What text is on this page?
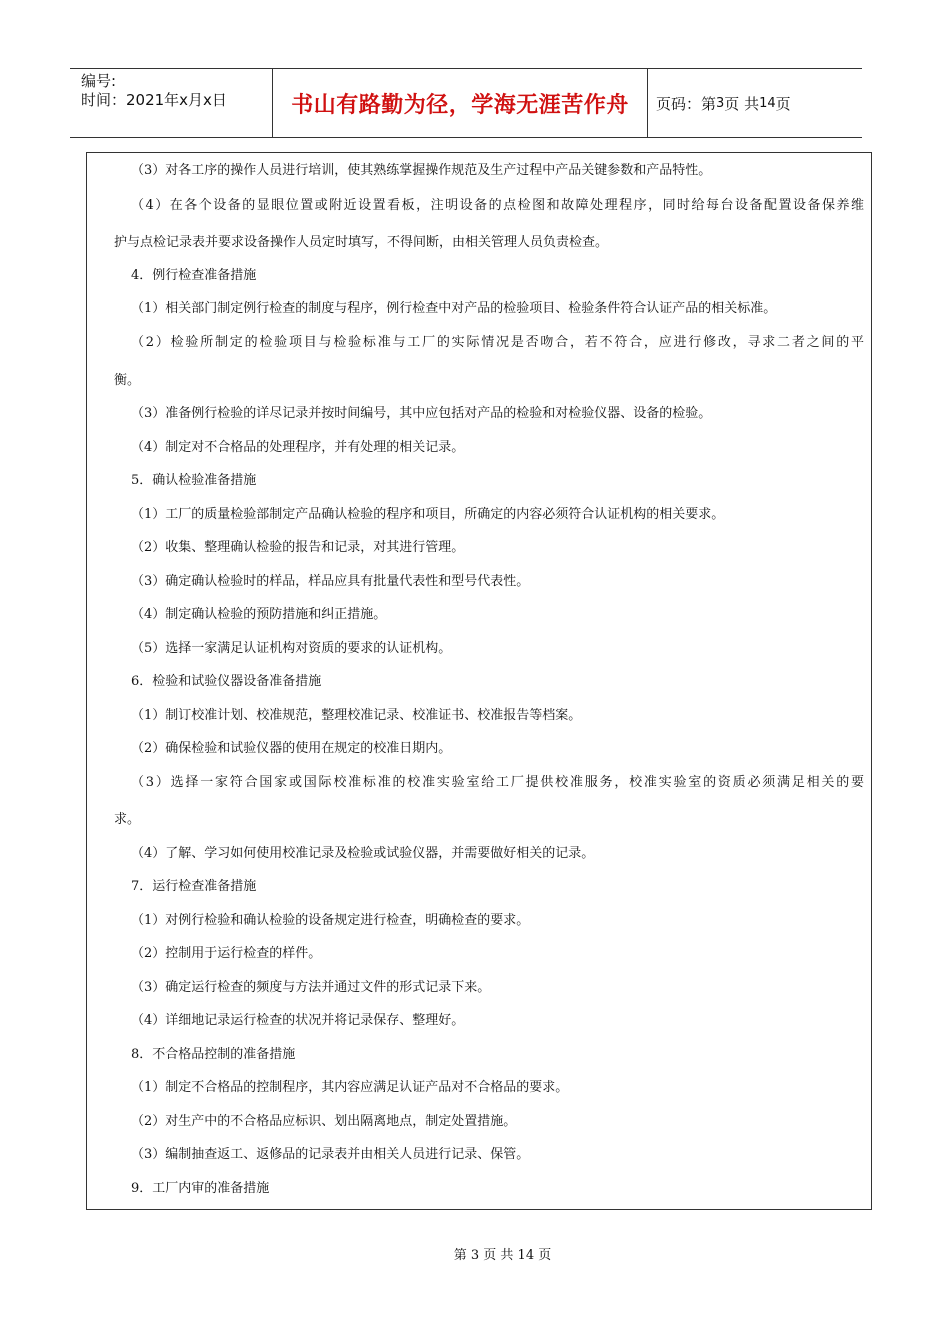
编号:
时间：2021年x月x日	书山有路勤为径，学海无涯苦作舟	页码：第 3 页 共 14 页
（3）对各工序的操作人员进行培训，使其熟练掌握操作规范及生产过程中产品关键参数和产品特性。
（4）在各个设备的显眼位置或附近设置看板，注明设备的点检图和故障处理程序，同时给每台设备配置设备保养维
护与点检记录表并要求设备操作人员定时填写，不得间断，由相关管理人员负责检查。
4．例行检查准备措施
（1）相关部门制定例行检查的制度与程序，例行检查中对产品的检验项目、检验条件符合认证产品的相关标准。
（2）检验所制定的检验项目与检验标准与工厂的实际情况是否吻合，若不符合，应进行修改，寻求二者之间的平
衡。
（3）准备例行检验的详尽记录并按时间编号，其中应包括对产品的检验和对检验仪器、设备的检验。
（4）制定对不合格品的处理程序，并有处理的相关记录。
5．确认检验准备措施
（1）工厂的质量检验部制定产品确认检验的程序和项目，所确定的内容必须符合认证机构的相关要求。
（2）收集、整理确认检验的报告和记录，对其进行管理。
（3）确定确认检验时的样品，样品应具有批量代表性和型号代表性。
（4）制定确认检验的预防措施和纠正措施。
（5）选择一家满足认证机构对资质的要求的认证机构。
6．检验和试验仪器设备准备措施
（1）制订校准计划、校准规范，整理校准记录、校准证书、校准报告等档案。
（2）确保检验和试验仪器的使用在规定的校准日期内。
（3）选择一家符合国家或国际校准标准的校准实验室给工厂提供校准服务，校准实验室的资质必须满足相关的要
求。
（4）了解、学习如何使用校准记录及检验或试验仪器，并需要做好相关的记录。
7．运行检查准备措施
（1）对例行检验和确认检验的设备规定进行检查，明确检查的要求。
（2）控制用于运行检查的样件。
（3）确定运行检查的频度与方法并通过文件的形式记录下来。
（4）详细地记录运行检查的状况并将记录保存、整理好。
8．不合格品控制的准备措施
（1）制定不合格品的控制程序，其内容应满足认证产品对不合格品的要求。
（2）对生产中的不合格品应标识、划出隔离地点，制定处置措施。
（3）编制抽查返工、返修品的记录表并由相关人员进行记录、保管。
9．工厂内审的准备措施
第 3 页 共 14 页
